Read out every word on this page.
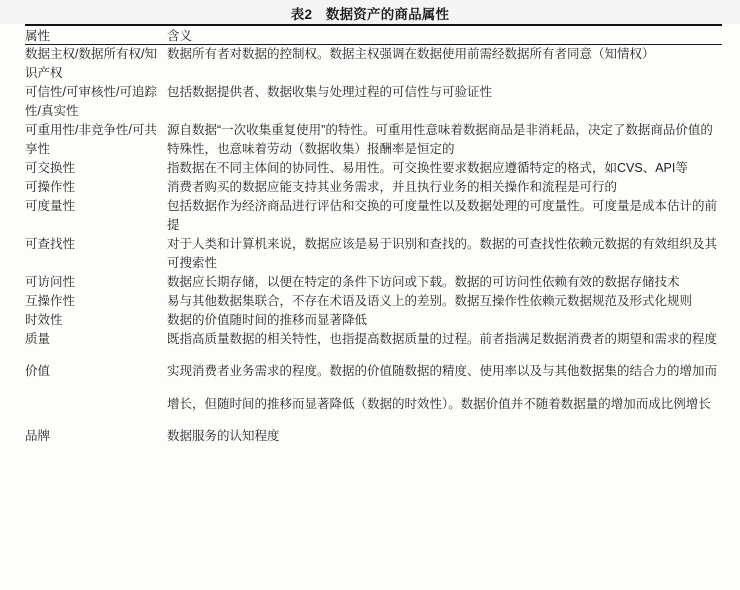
表2　数据资产的商品属性
属性	含义
数据主权/数据所有权/知识产权	数据所有者对数据的控制权。数据主权强调在数据使用前需经数据所有者同意（知情权）
可信性/可审核性/可追踪性/真实性	包括数据提供者、数据收集与处理过程的可信性与可验证性
可重用性/非竞争性/可共享性	源自数据“一次收集重复使用”的特性。可重用性意味着数据商品是非消耗品，决定了数据商品价值的特殊性，也意味着劳动（数据收集）报酬率是恒定的
可交换性	指数据在不同主体间的协同性、易用性。可交换性要求数据应遵循特定的格式，如CVS、API等
可操作性	消费者购买的数据应能支持其业务需求，并且执行业务的相关操作和流程是可行的
可度量性	包括数据作为经济商品进行评估和交换的可度量性以及数据处理的可度量性。可度量是成本估计的前提
可查找性	对于人类和计算机来说，数据应该是易于识别和查找的。数据的可查找性依赖元数据的有效组织及其可搜索性
可访问性	数据应长期存储，以便在特定的条件下访问或下载。数据的可访问性依赖有效的数据存储技术
互操作性	易与其他数据集联合，不存在术语及语义上的差别。数据互操作性依赖元数据规范及形式化规则
时效性	数据的价值随时间的推移而显著降低
质量	既指高质量数据的相关特性，也指提高数据质量的过程。前者指满足数据消费者的期望和需求的程度
价值	实现消费者业务需求的程度。数据的价值随数据的精度、使用率以及与其他数据集的结合力的增加而增长，但随时间的推移而显著降低（数据的时效性）。数据价值并不随着数据量的增加而成比例增长
品牌	数据服务的认知程度
